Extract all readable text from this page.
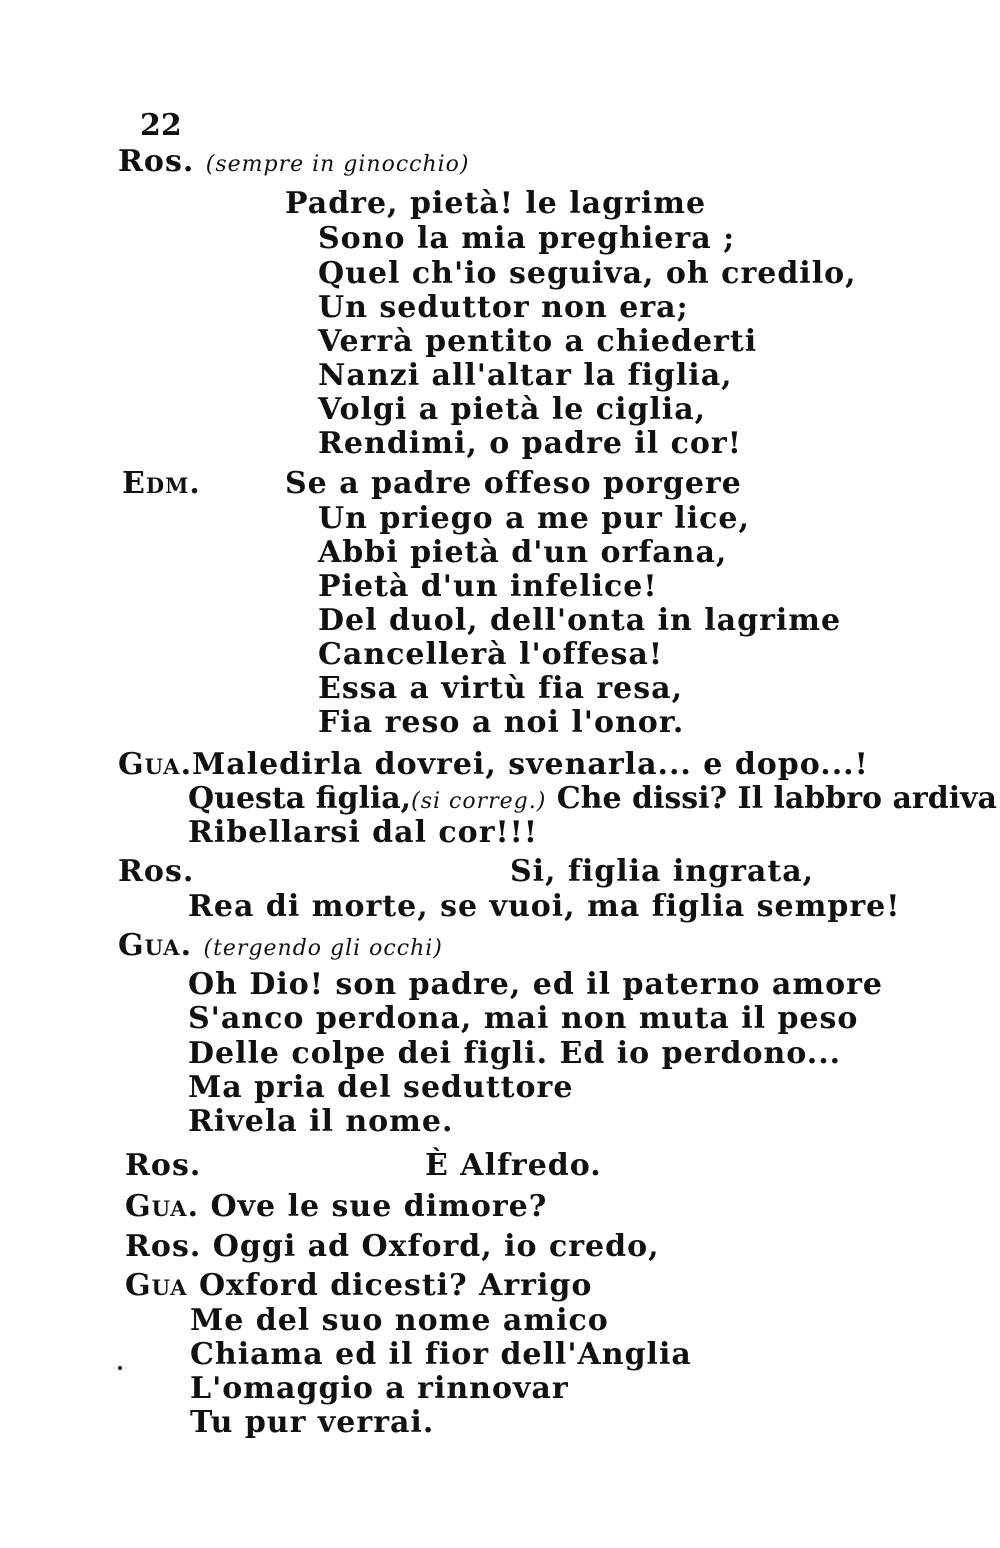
22
Ros. (sempre in ginocchio)
Padre, pietà! le lagrime
Sono la mia preghiera ;
Quel ch'io seguiva, oh credilo,
Un seduttor non era;
Verrà pentito a chiederti
Nanzi all'altar la figlia,
Volgi a pietà le ciglia,
Rendimi, o padre il cor!
Edm.	Se a padre offeso porgere
Un priego a me pur lice,
Abbi pietà d'un orfana,
Pietà d'un infelice!
Del duol, dell'onta in lagrime
Cancellerà l'offesa!
Essa a virtù fia resa,
Fia reso a noi l'onor.
Gua.Maledirla dovrei, svenarla... e dopo...!
Questa figlia,(si correg.) Che dissi? Il labbro ardiva
Ribellarsi dal cor!!!
Ros.	Si, figlia ingrata,
Rea di morte, se vuoi, ma figlia sempre!
Gua. (tergendo gli occhi)
Oh Dio! son padre, ed il paterno amore
S'anco perdona, mai non muta il peso
Delle colpe dei figli. Ed io perdono...
Ma pria del seduttore
Rivela il nome.
Ros.	È Alfredo.
Gua. Ove le sue dimore?
Ros. Oggi ad Oxford, io credo,
Gua Oxford dicesti? Arrigo
Me del suo nome amico
Chiama ed il fior dell'Anglia
L'omaggio a rinnovar
Tu pur verrai.
